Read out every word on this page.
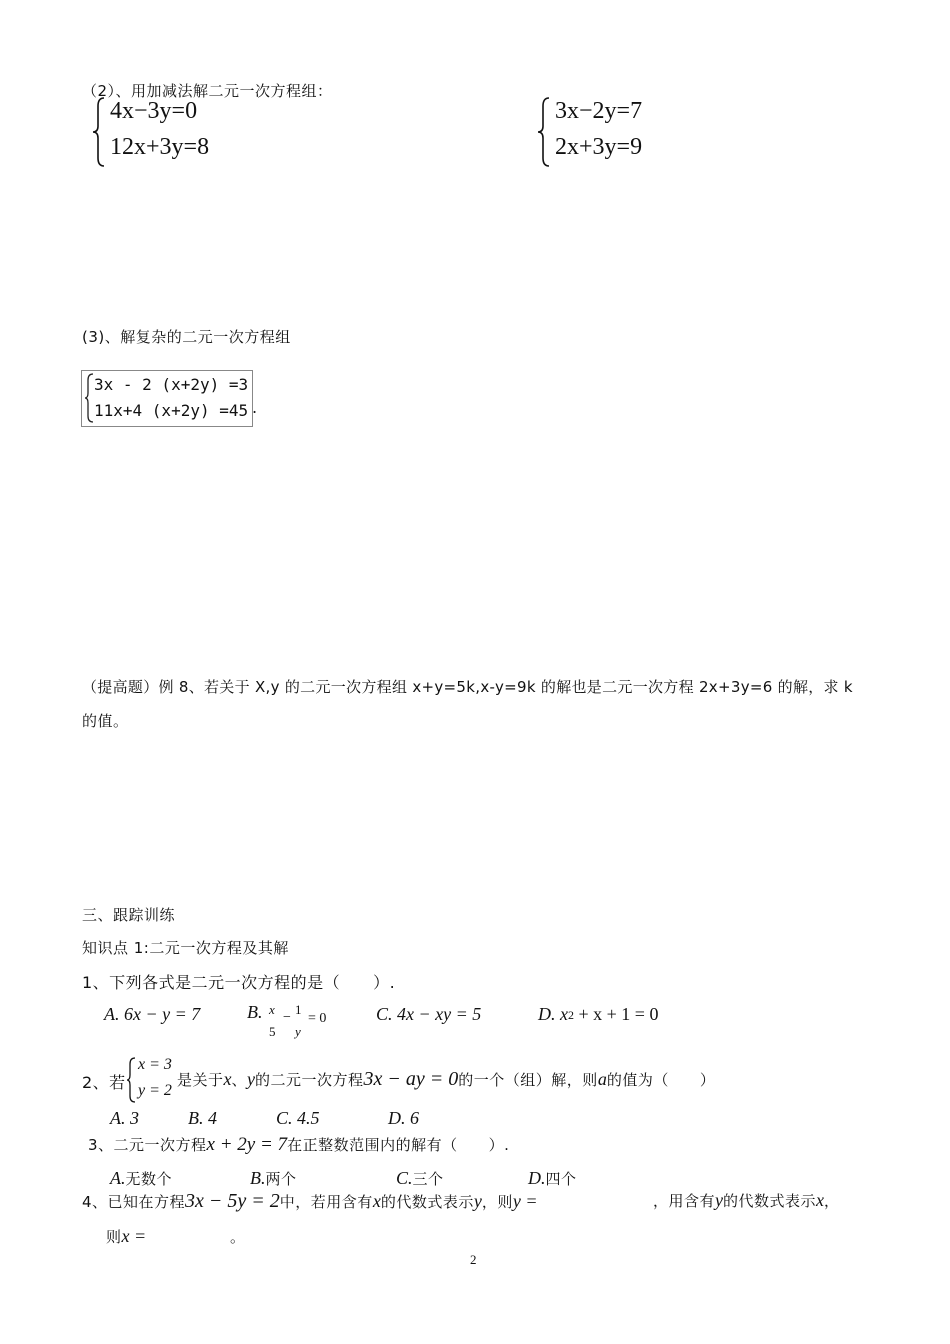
（2）、用加减法解二元一次方程组：
4x−3y=0
12x+3y=8
3x−2y=7
2x+3y=9
(3)、解复杂的二元一次方程组
3x - 2 (x+2y) =3
11x+4 (x+2y) =45 .
（提高题）例 8、若关于 X,y 的二元一次方程组 x+y=5k,x-y=9k 的解也是二元一次方程 2x+3y=6 的解，求 k
的值。
三、跟踪训练
知识点 1:二元一次方程及其解
1、下列各式是二元一次方程的是（　　）.
A. 6x − y = 7	B. x
5
−
1
y
= 0	C. 4x − xy = 5	D. x2 + x + 1 = 0
2、若
x = 3
y = 2
是关于x、y的二元一次方程3x − ay = 0的一个（组）解，则a的值为（　　）
A. 3	B. 4	C. 4.5	D. 6
3、二元一次方程x + 2y = 7在正整数范围内的解有（　　）.
A.无数个	B.两个	C.三个	D.四个
4、已知在方程3x − 5y = 2中，若用含有x的代数式表示y，则y =	，用含有y的代数式表示x，
则x =	。
2
